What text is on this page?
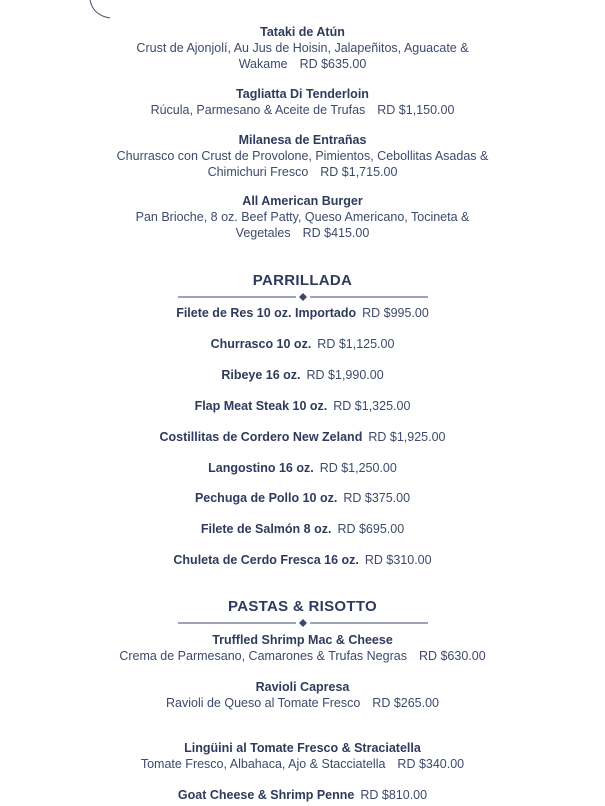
Tataki de Atún
Crust de Ajonjolí, Au Jus de Hoisin, Jalapeñitos, Aguacate &
Wakame RD $635.00
Tagliatta Di Tenderloin
Rúcula, Parmesano & Aceite de Trufas RD $1,150.00
Milanesa de Entrañas
Churrasco con Crust de Provolone, Pimientos, Cebollitas Asadas &
Chimichuri Fresco RD $1,715.00
All American Burger
Pan Brioche, 8 oz. Beef Patty, Queso Americano, Tocineta &
Vegetales RD $415.00
PARRILLADA
Filete de Res 10 oz. Importado RD $995.00
Churrasco 10 oz. RD $1,125.00
Ribeye 16 oz. RD $1,990.00
Flap Meat Steak 10 oz. RD $1,325.00
Costillitas de Cordero New Zeland RD $1,925.00
Langostino 16 oz. RD $1,250.00
Pechuga de Pollo 10 oz. RD $375.00
Filete de Salmón 8 oz. RD $695.00
Chuleta de Cerdo Fresca 16 oz. RD $310.00
PASTAS & RISOTTO
Truffled Shrimp Mac & Cheese
Crema de Parmesano, Camarones & Trufas Negras RD $630.00
Ravioli Capresa
Ravioli de Queso al Tomate Fresco RD $265.00
Lingüini al Tomate Fresco & Straciatella
Tomate Fresco, Albahaca, Ajo & Stacciatella RD $340.00
Goat Cheese & Shrimp Penne RD $810.00
